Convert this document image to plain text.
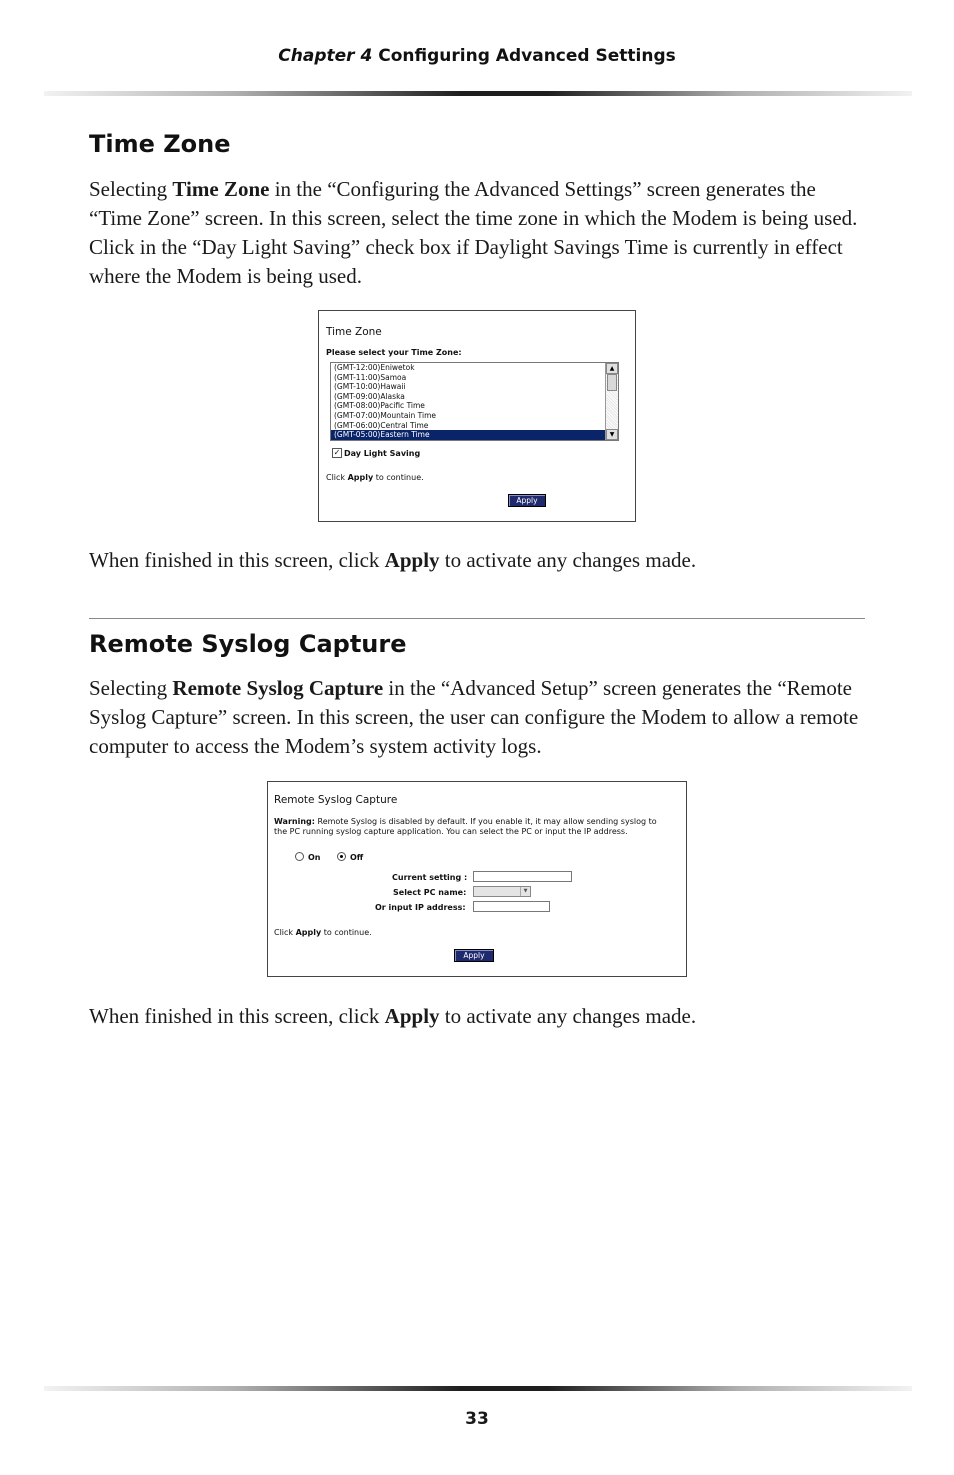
Chapter 4 Configuring Advanced Settings
Time Zone

Selecting Time Zone in the “Configuring the Advanced Settings” screen generates the “Time Zone” screen. In this screen, select the time zone in which the Modem is being used. Click in the “Day Light Saving” check box if Daylight Savings Time is currently in effect where the Modem is being used.

Time Zone
Please select your Time Zone:
(GMT-12:00)Eniwetok
(GMT-11:00)Samoa
(GMT-10:00)Hawaii
(GMT-09:00)Alaska
(GMT-08:00)Pacific Time
(GMT-07:00)Mountain Time
(GMT-06:00)Central Time
(GMT-05:00)Eastern Time
▲
▼
✓ Day Light Saving
Click Apply to continue.
Apply

When finished in this screen, click Apply to activate any changes made.

Remote Syslog Capture

Selecting Remote Syslog Capture in the “Advanced Setup” screen generates the “Remote Syslog Capture” screen. In this screen, the user can configure the Modem to allow a remote computer to access the Modem’s system activity logs.

Remote Syslog Capture
Warning: Remote Syslog is disabled by default. If you enable it, it may allow sending syslog to
the PC running syslog capture application. You can select the PC or input the IP address.
On	Off
Current setting :
Select PC name:	▼
Or input IP address:
Click Apply to continue.
Apply

When finished in this screen, click Apply to activate any changes made.

33
